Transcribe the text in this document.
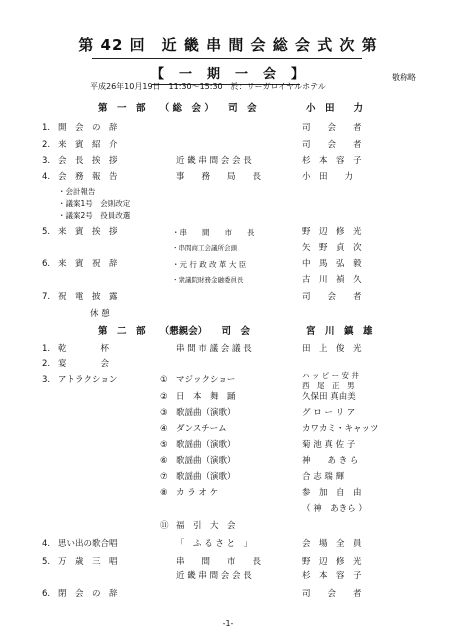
第 42 回　近 畿 串 間 会 総 会 式 次 第
【　一　期　一　会　】	敬称略
平成26年10月19日　11:30～15:30　於：リーガロイヤルホテル
第　一　部　　（ 総　会 ）　　司　会	小　田　　力
1. 開　会　の　辞	司　　会　　者
2. 来　賓　紹　介	司　　会　　者
3. 会　長　挨　拶	近 畿 串 間 会 会 長	杉　本　容　子
4. 会　務　報　告	事　　務　　局　　長	小　田　　力
・会計報告
・議案1号　会則改定
・議案2号　役員改選
5. 来　賓　挨　拶	・串　　間　　市　　長	野　辺　修　光
・串間商工会議所会頭	矢　野　貞　次
6. 来　賓　祝　辞	・元 行 政 改 革 大 臣	中　馬　弘　毅
・衆議院財務金融委員長	古　川　禎　久
7. 祝　電　披　露	司　　会　　者
休 憩
第　二　部　　（懇親会）　　司　会	宮　川　鎮　雄
1. 乾　　　　杯	串 間 市 議 会 議 長	田　上　俊　光
2. 宴　　　　会
3. アトラクション	① マジックショー	ハ ッ ピ ー 安 井
西　尾　正　男
② 日　本　舞　踊	久保田 真由美
③ 歌謡曲（演歌）	グ ロ ー リ ア
④ ダンスチーム	カワカミ・キャッツ
⑤ 歌謡曲（演歌）	菊 池 真 佐 子
⑥ 歌謡曲（演歌）	神　　あ き ら
⑦ 歌謡曲（演歌）	合 志 瑞 輝
⑧ カ ラ オ ケ	参　加　自　由
（ 神　あきら ）
⑪ 福　引　大　会
4. 思い出の歌合唱	「　ふ る さ と　」	会　場　全　員
5. 万　歳　三　唱	串　　間　　市　　長	野　辺　修　光
近 畿 串 間 会 会 長	杉　本　容　子
6. 閉　会　の　辞	司　　会　　者
-1-
